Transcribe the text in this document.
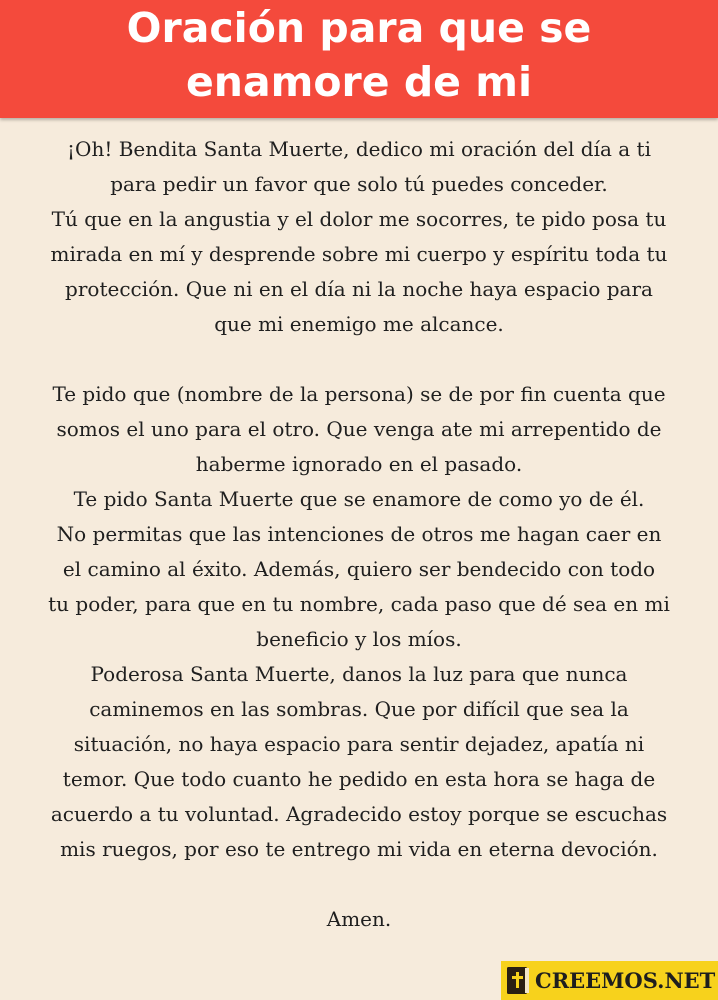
Oración para que se
enamore de mi
¡Oh! Bendita Santa Muerte, dedico mi oración del día a ti
para pedir un favor que solo tú puedes conceder.
Tú que en la angustia y el dolor me socorres, te pido posa tu
mirada en mí y desprende sobre mi cuerpo y espíritu toda tu
protección. Que ni en el día ni la noche haya espacio para
que mi enemigo me alcance.
Te pido que (nombre de la persona) se de por fin cuenta que
somos el uno para el otro. Que venga ate mi arrepentido de
haberme ignorado en el pasado.
Te pido Santa Muerte que se enamore de como yo de él.
No permitas que las intenciones de otros me hagan caer en
el camino al éxito. Además, quiero ser bendecido con todo
tu poder, para que en tu nombre, cada paso que dé sea en mi
beneficio y los míos.
Poderosa Santa Muerte, danos la luz para que nunca
caminemos en las sombras. Que por difícil que sea la
situación, no haya espacio para sentir dejadez, apatía ni
temor. Que todo cuanto he pedido en esta hora se haga de
acuerdo a tu voluntad. Agradecido estoy porque se escuchas
mis ruegos, por eso te entrego mi vida en eterna devoción.
Amen.
CREEMOS.NET
